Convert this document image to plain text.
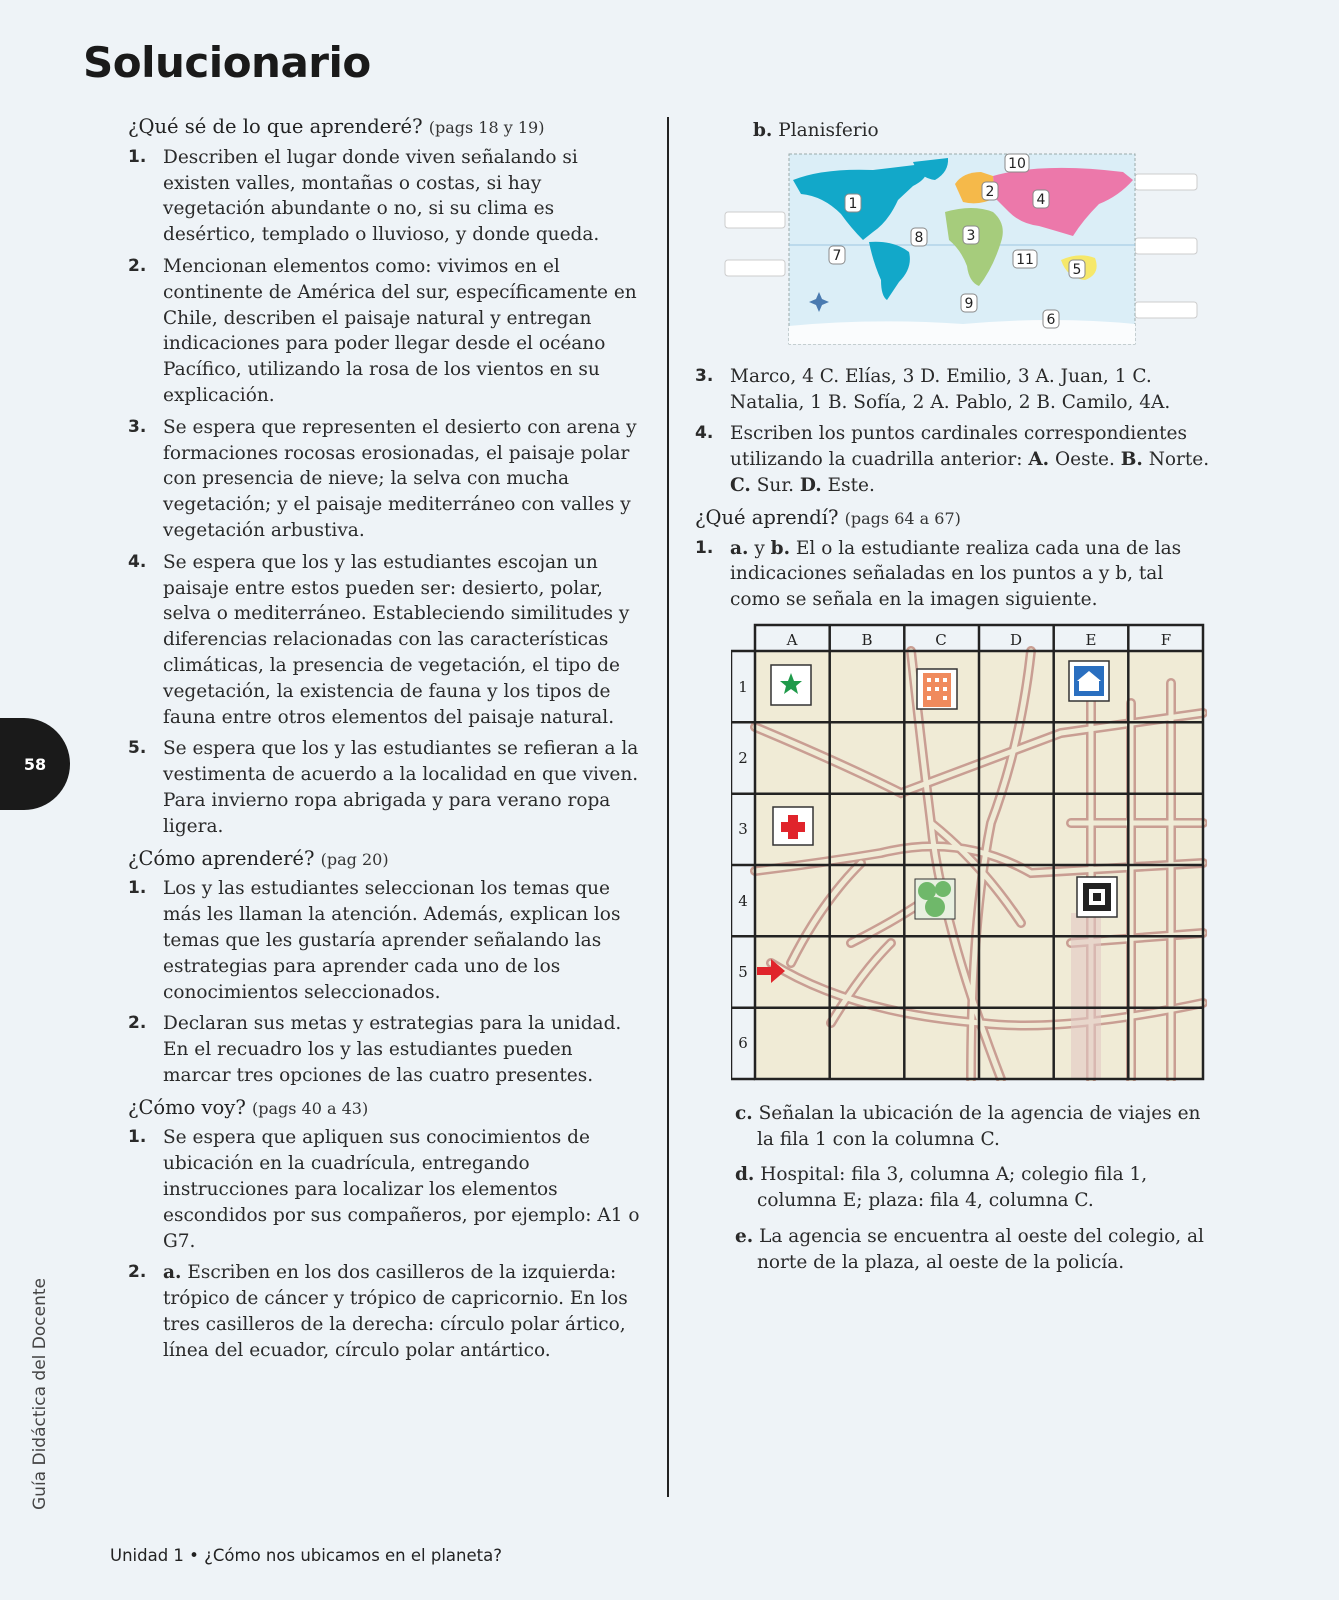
Solucionario

¿Qué sé de lo que aprenderé? (pags 18 y 19)

1. Describen el lugar donde viven señalando si existen valles, montañas o costas, si hay vegetación abundante o no, si su clima es desértico, templado o lluvioso, y donde queda.
2. Mencionan elementos como: vivimos en el continente de América del sur, específicamente en Chile, describen el paisaje natural y entregan indicaciones para poder llegar desde el océano Pacífico, utilizando la rosa de los vientos en su explicación.
3. Se espera que representen el desierto con arena y formaciones rocosas erosionadas, el paisaje polar con presencia de nieve; la selva con mucha vegetación; y el paisaje mediterráneo con valles y vegetación arbustiva.
4. Se espera que los y las estudiantes escojan un paisaje entre estos pueden ser: desierto, polar, selva o mediterráneo. Estableciendo similitudes y diferencias relacionadas con las características climáticas, la presencia de vegetación, el tipo de vegetación, la existencia de fauna y los tipos de fauna entre otros elementos del paisaje natural.
5. Se espera que los y las estudiantes se refieran a la vestimenta de acuerdo a la localidad en que viven. Para invierno ropa abrigada y para verano ropa ligera.

¿Cómo aprenderé? (pag 20)

1. Los y las estudiantes seleccionan los temas que más les llaman la atención. Además, explican los temas que les gustaría aprender señalando las estrategias para aprender cada uno de los conocimientos seleccionados.
2. Declaran sus metas y estrategias para la unidad. En el recuadro los y las estudiantes pueden marcar tres opciones de las cuatro presentes.

¿Cómo voy? (pags 40 a 43)

1. Se espera que apliquen sus conocimientos de ubicación en la cuadrícula, entregando instrucciones para localizar los elementos escondidos por sus compañeros, por ejemplo: A1 o G7.
2. a. Escriben en los dos casilleros de la izquierda: trópico de cáncer y trópico de capricornio. En los tres casilleros de la derecha: círculo polar ártico, línea del ecuador, círculo polar antártico.

b. Planisferio

1
2
3
4
5
6
7
8
9
10
11
3. Marco, 4 C. Elías, 3 D. Emilio, 3 A. Juan, 1 C. Natalia, 1 B. Sofía, 2 A. Pablo, 2 B. Camilo, 4A.
4. Escriben los puntos cardinales correspondientes utilizando la cuadrilla anterior: A. Oeste. B. Norte. C. Sur. D. Este.

¿Qué aprendí? (pags 64 a 67)

1. a. y b. El o la estudiante realiza cada una de las indicaciones señaladas en los puntos a y b, tal como se señala en la imagen siguiente.
A	B	C	D	E	F
1
2
3
4
5
6

c. Señalan la ubicación de la agencia de viajes en la fila 1 con la columna C.

d. Hospital: fila 3, columna A; colegio fila 1, columna E; plaza: fila 4, columna C.

e. La agencia se encuentra al oeste del colegio, al norte de la plaza, al oeste de la policía.

58
Guía Didáctica del Docente
Unidad 1 • ¿Cómo nos ubicamos en el planeta?
